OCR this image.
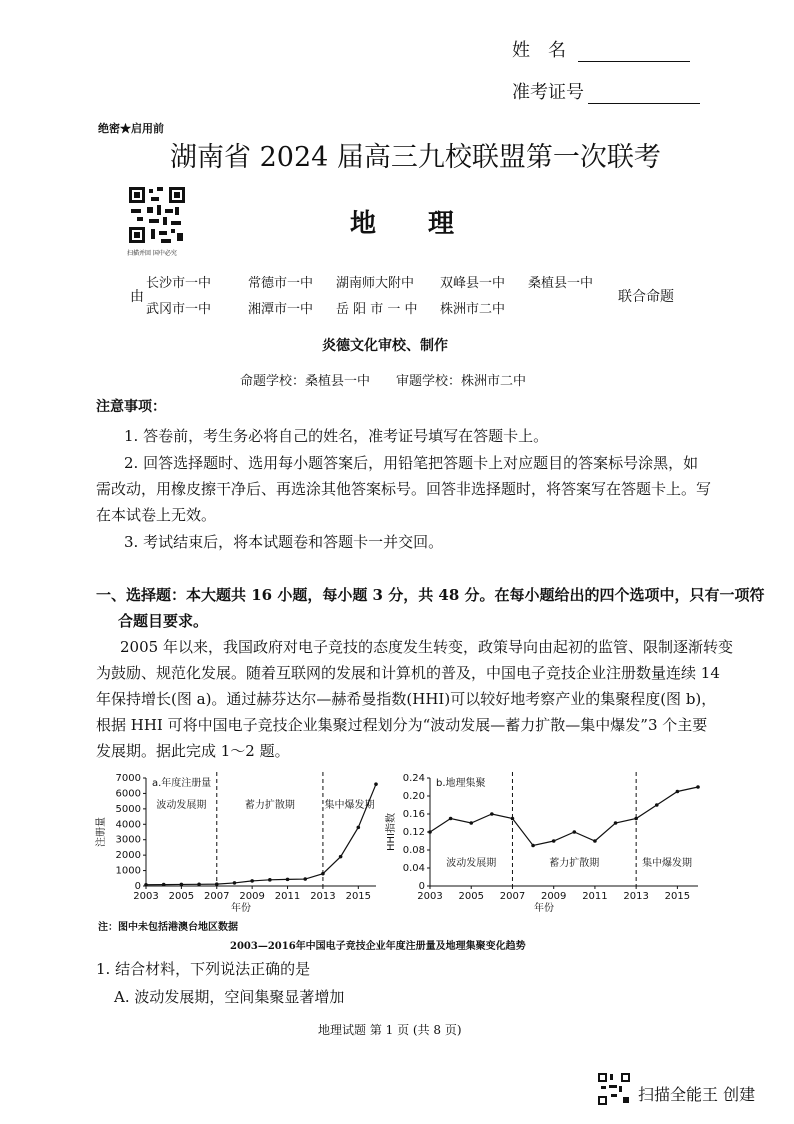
姓　名
准考证号
绝密★启用前
湖南省 2024 届高三九校联盟第一次联考
扫描并回 国中必究
地　　理
由
长沙市一中	常德市一中 湖南师大附中 双峰县一中 桑植县一中
武冈市一中	湘潭市一中 岳 阳 市 一 中 株洲市二中
联合命题
炎德文化审校、制作
命题学校：桑植县一中　　审题学校：株洲市二中
注意事项：
1. 答卷前，考生务必将自己的姓名，准考证号填写在答题卡上。
2. 回答选择题时、选用每小题答案后，用铅笔把答题卡上对应题目的答案标号涂黑，如
需改动，用橡皮擦干净后、再选涂其他答案标号。回答非选择题时，将答案写在答题卡上。写
在本试卷上无效。
3. 考试结束后，将本试题卷和答题卡一并交回。
一、选择题：本大题共 16 小题，每小题 3 分，共 48 分。在每小题给出的四个选项中，只有一项符
合题目要求。
2005 年以来，我国政府对电子竞技的态度发生转变，政策导向由起初的监管、限制逐渐转变
为鼓励、规范化发展。随着互联网的发展和计算机的普及，中国电子竞技企业注册数量连续 14
年保持增长(图 a)。通过赫芬达尔—赫希曼指数(HHI)可以较好地考察产业的集聚程度(图 b)，
根据 HHI 可将中国电子竞技企业集聚过程划分为“波动发展—蓄力扩散—集中爆发”3 个主要
发展期。据此完成 1～2 题。
0
1000
2000
3000
4000
5000
6000
7000
2003 2005 2007 2009 2011 2013 2015
年份
注册量
a.年度注册量
波动发展期	蓄力扩散期	集中爆发期
0
0.04
0.08
0.12
0.16
0.20
0.24
2003 2005 2007 2009 2011 2013 2015
年份
HHI指数
b.地理集聚
波动发展期	蓄力扩散期	集中爆发期
注：图中未包括港澳台地区数据
2003—2016年中国电子竞技企业年度注册量及地理集聚变化趋势
1. 结合材料，下列说法正确的是
A. 波动发展期，空间集聚显著增加
地理试题 第 1 页 (共 8 页)
扫描全能王 创建
